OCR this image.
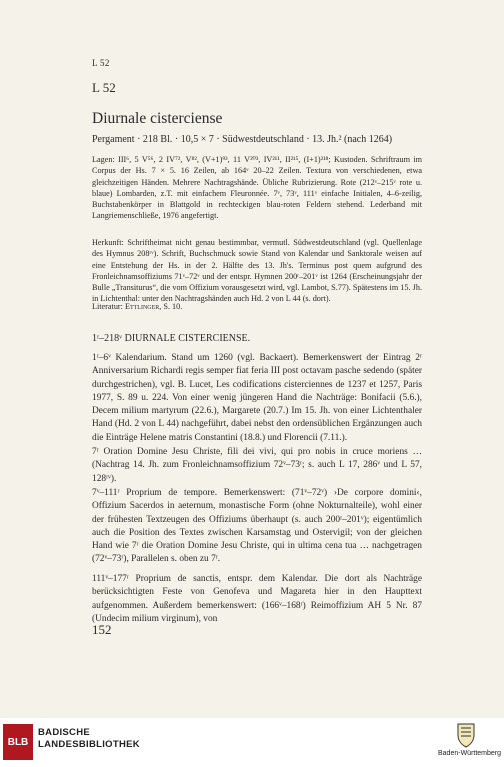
L 52
L 52
Diurnale cisterciense
Pergament · 218 Bl. · 10,5 × 7 · Südwestdeutschland · 13. Jh.² (nach 1264)
Lagen: III⁶, 5 V⁵⁶, 2 IV⁷², V⁸², (V+1)⁹³, 11 V²⁰³, IV²¹¹, II²¹⁵, (I+1)²¹⁸; Kustoden. Schriftraum im Corpus der Hs. 7 × 5. 16 Zeilen, ab 164ᵛ 20–22 Zeilen. Textura von verschiedenen, etwa gleichzeitigen Händen. Mehrere Nachtragshände. Übliche Rubrizierung. Rote (212ᵛ–215ᵛ rote u. blaue) Lombarden, z.T. mit einfachem Fleuronnée. 7ᵛ, 73ᵛ, 111ᵛ einfache Initialen, 4–6-zeilig, Buchstabenkörper in Blattgold in rechteckigen blau-roten Feldern stehend. Lederband mit Langriemenschließe, 1976 angefertigt.
Herkunft: Schriftheimat nicht genau bestimmbar, vermutl. Südwestdeutschland (vgl. Quellenlage des Hymnus 208ʳᵛ). Schrift, Buchschmuck sowie Stand von Kalendar und Sanktorale weisen auf eine Entstehung der Hs. in der 2. Hälfte des 13. Jh's. Terminus post quem aufgrund des Fronleichnamsoffiziums 71ᵛ–72ᵛ und der entspr. Hymnen 200ʳ–201ᵛ ist 1264 (Erscheinungsjahr der Bulle „Transiturus“, die vom Offizium vorausgesetzt wird, vgl. Lambot, S.77). Spätestens im 15. Jh. in Lichtenthal: unter den Nachtragshänden auch Hd. 2 von L 44 (s. dort).
Literatur: Ettlinger, S. 10.
1ʳ–218ᵛ DIURNALE CISTERCIENSE.
1ʳ–6ᵛ Kalendarium. Stand um 1260 (vgl. Backaert). Bemerkenswert der Eintrag 2ʳ Anniversarium Richardi regis semper fiat feria III post octavam pasche sedendo (später durchgestrichen), vgl. B. Lucet, Les codifications cisterciennes de 1237 et 1257, Paris 1977, S. 89 u. 224. Von einer wenig jüngeren Hand die Nachträge: Bonifacii (5.6.), Decem milium martyrum (22.6.), Margarete (20.7.) Im 15. Jh. von einer Lichtenthaler Hand (Hd. 2 von L 44) nachgeführt, dabei nebst den ordensüblichen Ergänzungen auch die Einträge Helene matris Constantini (18.8.) und Florencii (7.11.).
7ʳ Oration Domine Jesu Christe, fili dei vivi, qui pro nobis in cruce moriens … (Nachtrag 14. Jh. zum Fronleichnamsoffizium 72ᵛ–73ʳ; s. auch L 17, 286ᵛ und L 57, 128ʳᵛ).
7ᵛ–111ʳ Proprium de tempore. Bemerkenswert: (71ᵛ–72ᵛ) ›De corpore domini‹, Offizium Sacerdos in aeternum, monastische Form (ohne Nokturnalteile), wohl einer der frühesten Textzeugen des Offiziums überhaupt (s. auch 200ʳ–201ᵛ); eigentümlich auch die Position des Textes zwischen Karsamstag und Ostervigil; von der gleichen Hand wie 7ʳ die Oration Domine Jesu Christe, qui in ultima cena tua … nachgetragen (72ᵛ–73ʳ), Parallelen s. oben zu 7ʳ.
111ᵛ–177ʳ Proprium de sanctis, entspr. dem Kalendar. Die dort als Nachträge berücksichtigten Feste von Genofeva und Magareta hier in den Haupttext aufgenommen. Außerdem bemerkenswert: (166ᵛ–168ʳ) Reimoffizium AH 5 Nr. 87 (Undecim milium virginum), von
152
BLB
BADISCHE
LANDESBIBLIOTHEK
Baden-Württemberg
